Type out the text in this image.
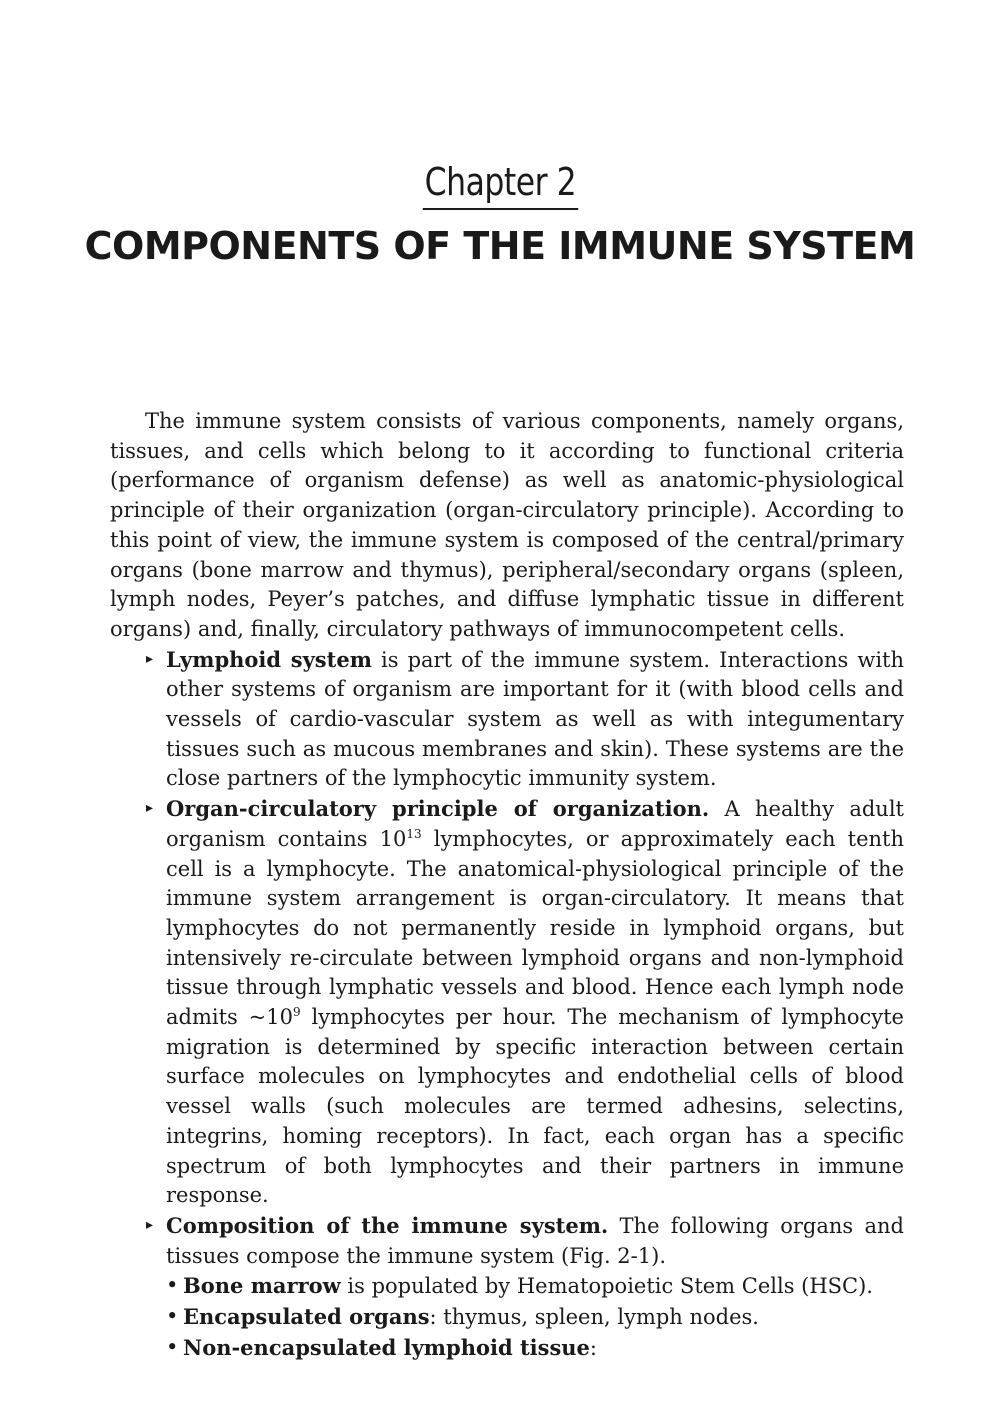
Chapter 2
COMPONENTS OF THE IMMUNE SYSTEM

The immune system consists of various components, namely organs, tissues, and cells which belong to it according to functional criteria (performance of organism defense) as well as anatomic-physiological principle of their organization (organ-circulatory principle). According to this point of view, the immune system is composed of the central/primary organs (bone marrow and thymus), peripheral/secondary organs (spleen, lymph nodes, Peyer’s patches, and diffuse lymphatic tissue in different organs) and, finally, circulatory pathways of immunocompetent cells.

▸ Lymphoid system is part of the immune system. Interactions with other systems of organism are important for it (with blood cells and vessels of cardio-vascular system as well as with integumentary tissues such as mucous membranes and skin). These systems are the close partners of the lymphocytic immunity system.
▸ Organ-circulatory principle of organization. A healthy adult organism contains $10^{13}$ lymphocytes, or approximately each tenth cell is a lymphocyte. The anatomical-physiological principle of the immune system arrangement is organ-circulatory. It means that lymphocytes do not permanently reside in lymphoid organs, but intensively re-circulate between lymphoid organs and non-lymphoid tissue through lymphatic vessels and blood. Hence each lymph node admits $\sim 10^9$ lymphocytes per hour. The mechanism of lymphocyte migration is determined by specific interaction between certain surface molecules on lymphocytes and endothelial cells of blood vessel walls (such molecules are termed adhesins, selectins, integrins, homing receptors). In fact, each organ has a specific spectrum of both lymphocytes and their partners in immune response.
▸ Composition of the immune system. The following organs and tissues compose the immune system (Fig. 2-1).
• Bone marrow is populated by Hematopoietic Stem Cells (HSC).
• Encapsulated organs: thymus, spleen, lymph nodes.
• Non-encapsulated lymphoid tissue:
